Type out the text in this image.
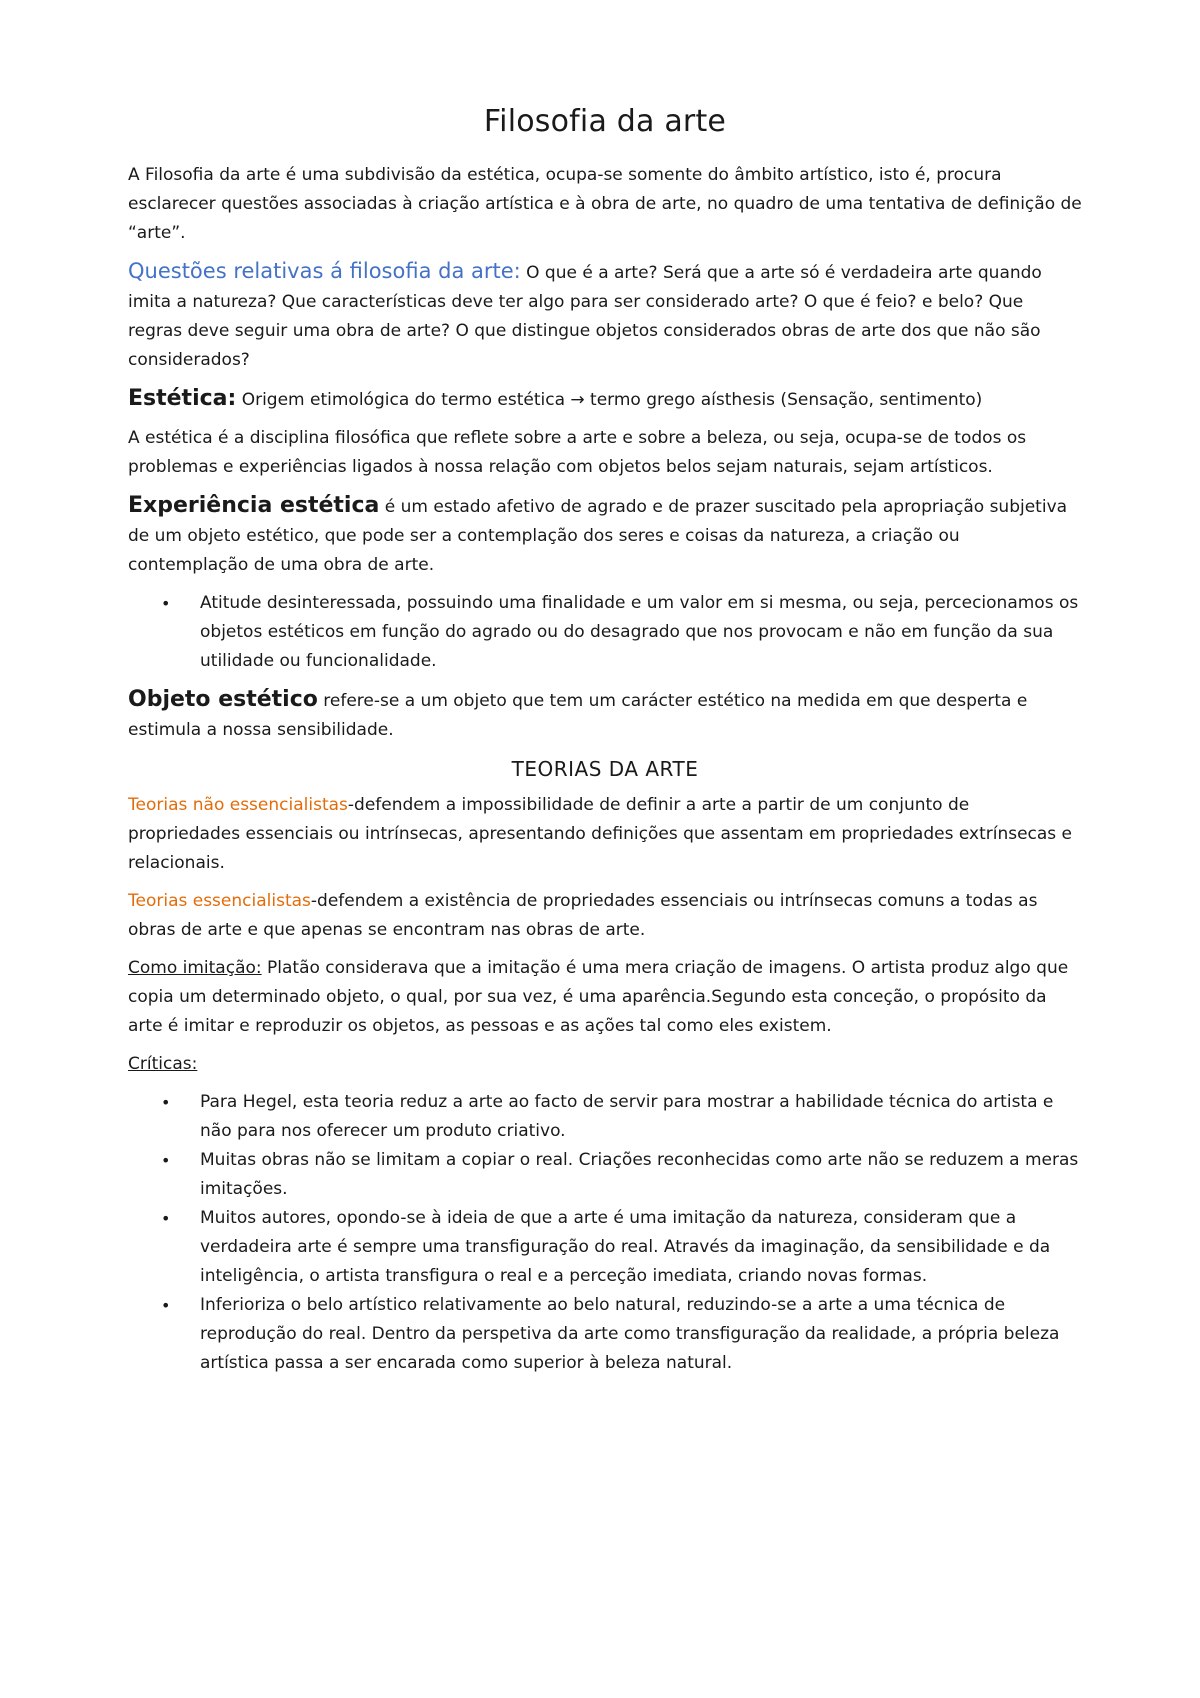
Filosofia da arte

A Filosofia da arte é uma subdivisão da estética, ocupa-se somente do âmbito artístico, isto é, procura esclarecer questões associadas à criação artística e à obra de arte, no quadro de uma tentativa de definição de “arte”.

Questões relativas á filosofia da arte: O que é a arte? Será que a arte só é verdadeira arte quando imita a natureza? Que características deve ter algo para ser considerado arte? O que é feio? e belo? Que regras deve seguir uma obra de arte? O que distingue objetos considerados obras de arte dos que não são considerados?

Estética: Origem etimológica do termo estética → termo grego aísthesis (Sensação, sentimento)

A estética é a disciplina filosófica que reflete sobre a arte e sobre a beleza, ou seja, ocupa-se de todos os problemas e experiências ligados à nossa relação com objetos belos sejam naturais, sejam artísticos.

Experiência estética é um estado afetivo de agrado e de prazer suscitado pela apropriação subjetiva de um objeto estético, que pode ser a contemplação dos seres e coisas da natureza, a criação ou contemplação de uma obra de arte.

• Atitude desinteressada, possuindo uma finalidade e um valor em si mesma, ou seja, percecionamos os objetos estéticos em função do agrado ou do desagrado que nos provocam e não em função da sua utilidade ou funcionalidade.

Objeto estético refere-se a um objeto que tem um carácter estético na medida em que desperta e estimula a nossa sensibilidade.

TEORIAS DA ARTE

Teorias não essencialistas-defendem a impossibilidade de definir a arte a partir de um conjunto de propriedades essenciais ou intrínsecas, apresentando definições que assentam em propriedades extrínsecas e relacionais.

Teorias essencialistas-defendem a existência de propriedades essenciais ou intrínsecas comuns a todas as obras de arte e que apenas se encontram nas obras de arte.

Como imitação: Platão considerava que a imitação é uma mera criação de imagens. O artista produz algo que copia um determinado objeto, o qual, por sua vez, é uma aparência.Segundo esta conceção, o propósito da arte é imitar e reproduzir os objetos, as pessoas e as ações tal como eles existem.

Críticas:

• Para Hegel, esta teoria reduz a arte ao facto de servir para mostrar a habilidade técnica do artista e não para nos oferecer um produto criativo.
• Muitas obras não se limitam a copiar o real. Criações reconhecidas como arte não se reduzem a meras imitações.
• Muitos autores, opondo-se à ideia de que a arte é uma imitação da natureza, consideram que a verdadeira arte é sempre uma transfiguração do real. Através da imaginação, da sensibilidade e da inteligência, o artista transfigura o real e a perceção imediata, criando novas formas.
• Inferioriza o belo artístico relativamente ao belo natural, reduzindo-se a arte a uma técnica de reprodução do real. Dentro da perspetiva da arte como transfiguração da realidade, a própria beleza artística passa a ser encarada como superior à beleza natural.
